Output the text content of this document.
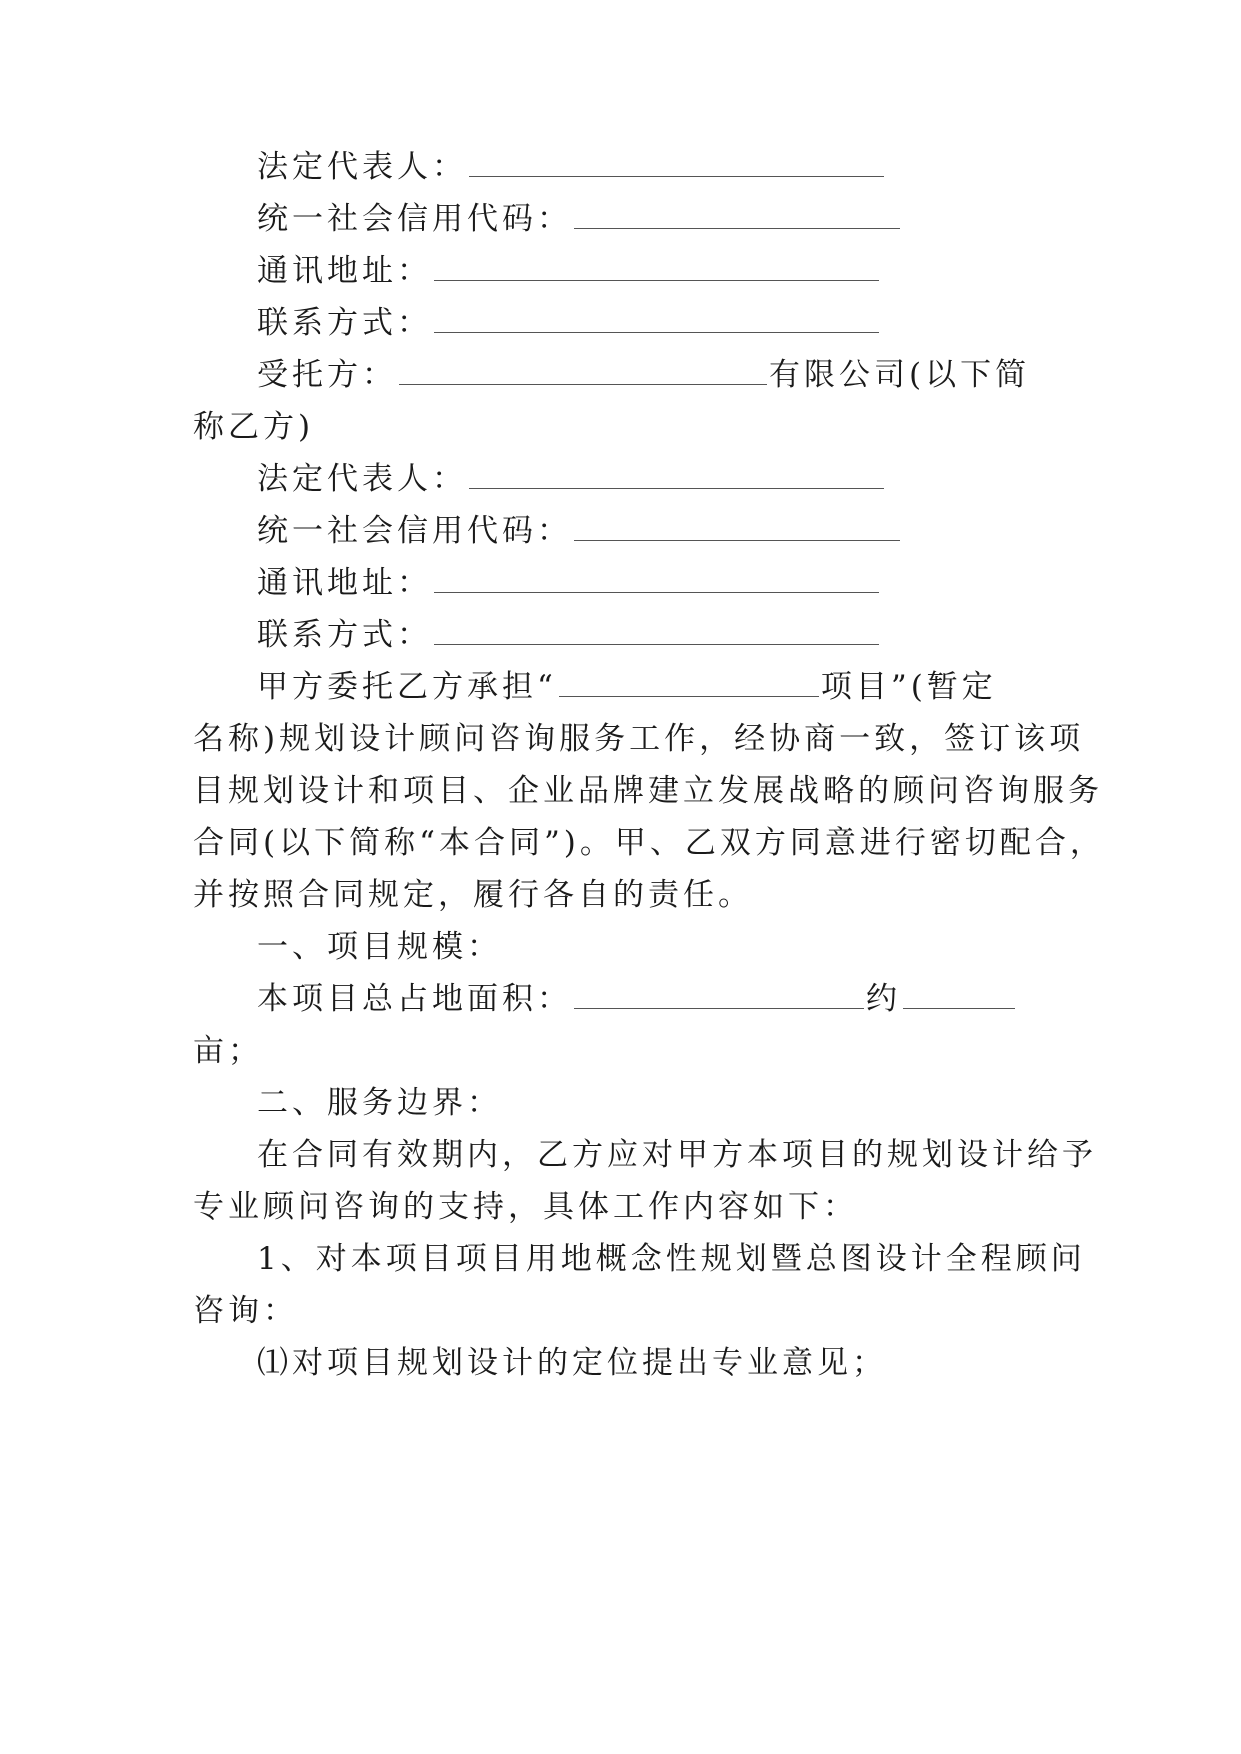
法定代表人：
统一社会信用代码：
通讯地址：
联系方式：
受托方：	有限公司(以下简
称乙方)
法定代表人：
统一社会信用代码：
通讯地址：
联系方式：
甲方委托乙方承担“	项目”(暂定
名称)规划设计顾问咨询服务工作，经协商一致，签订该项
目规划设计和项目、企业品牌建立发展战略的顾问咨询服务
合同(以下简称“本合同”)。甲、乙双方同意进行密切配合，
并按照合同规定，履行各自的责任。
一、项目规模：
本项目总占地面积：	约
亩；
二、服务边界：
在合同有效期内，乙方应对甲方本项目的规划设计给予
专业顾问咨询的支持，具体工作内容如下：
1、对本项目项目用地概念性规划暨总图设计全程顾问
咨询：
⑴对项目规划设计的定位提出专业意见；
